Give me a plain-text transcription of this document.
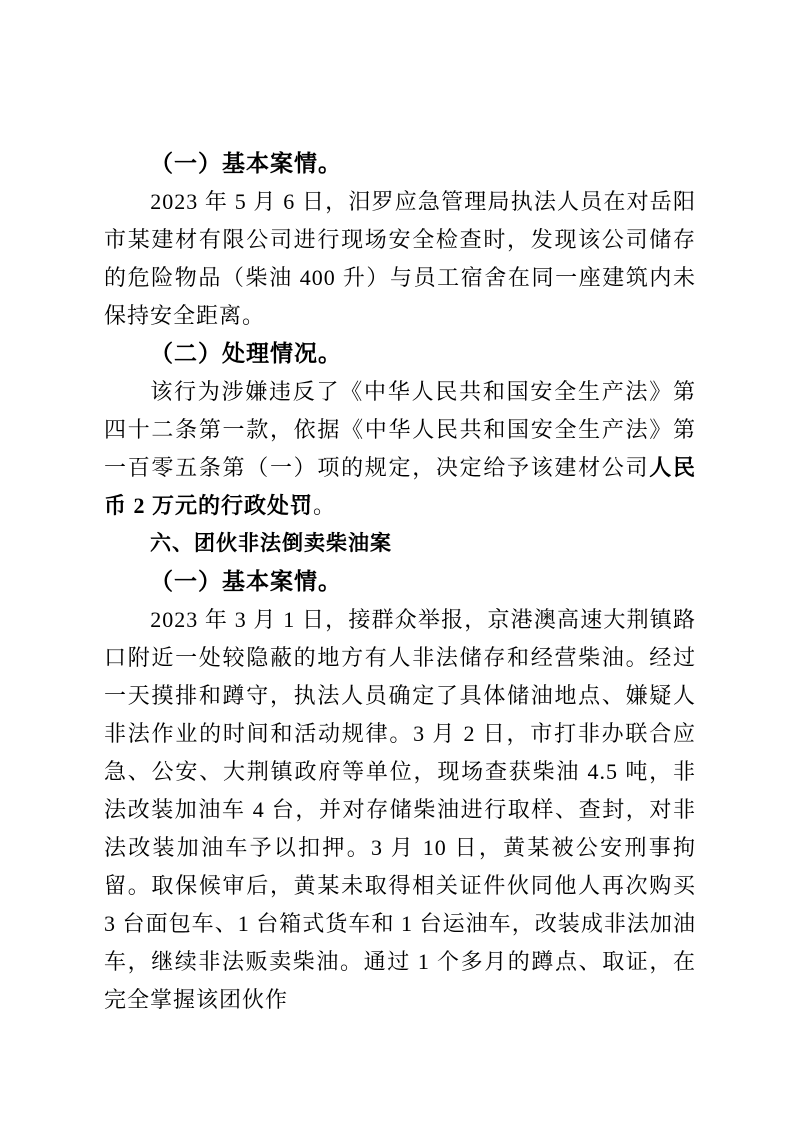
（一）基本案情。

2023 年 5 月 6 日，汨罗应急管理局执法人员在对岳阳市某建材有限公司进行现场安全检查时，发现该公司储存的危险物品（柴油 400 升）与员工宿舍在同一座建筑内未保持安全距离。

（二）处理情况。

该行为涉嫌违反了《中华人民共和国安全生产法》第四十二条第一款，依据《中华人民共和国安全生产法》第一百零五条第（一）项的规定，决定给予该建材公司人民币 2 万元的行政处罚。

六、团伙非法倒卖柴油案
（一）基本案情。

2023 年 3 月 1 日，接群众举报，京港澳高速大荆镇路口附近一处较隐蔽的地方有人非法储存和经营柴油。经过一天摸排和蹲守，执法人员确定了具体储油地点、嫌疑人非法作业的时间和活动规律。3 月 2 日，市打非办联合应急、公安、大荆镇政府等单位，现场查获柴油 4.5 吨，非法改装加油车 4 台，并对存储柴油进行取样、查封，对非法改装加油车予以扣押。3 月 10 日，黄某被公安刑事拘留。取保候审后，黄某未取得相关证件伙同他人再次购买 3 台面包车、1 台箱式货车和 1 台运油车，改装成非法加油车，继续非法贩卖柴油。通过 1 个多月的蹲点、取证，在完全掌握该团伙作
